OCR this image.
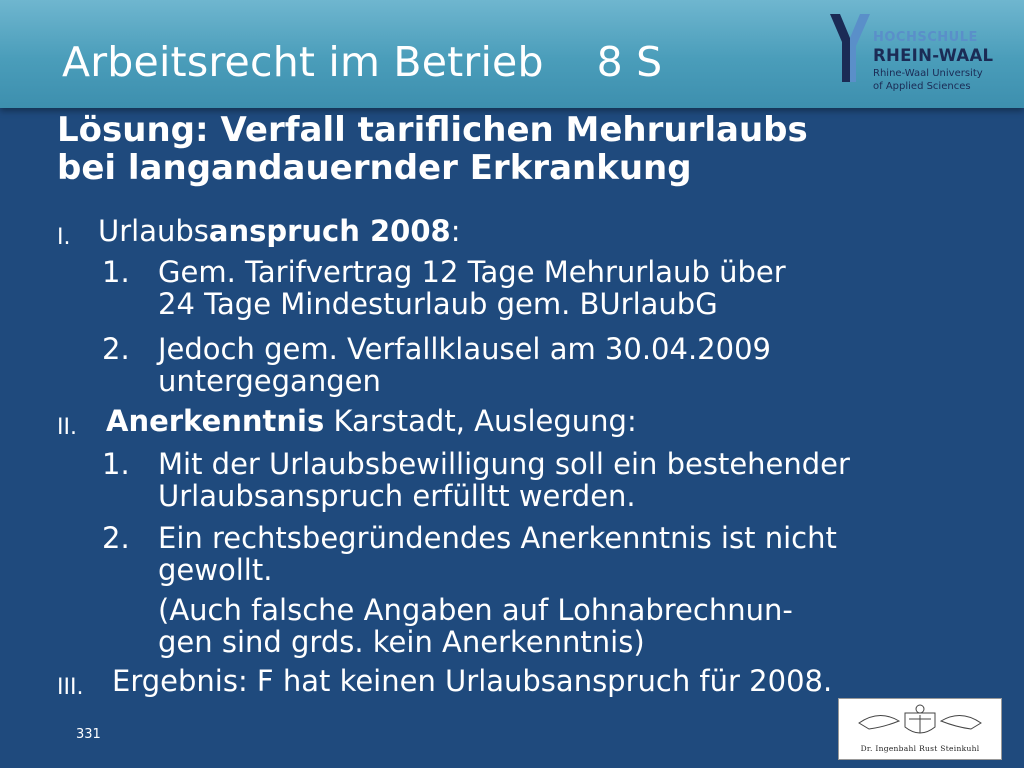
Arbeitsrecht im Betrieb    8 S
HOCHSCHULE
RHEIN-WAAL
Rhine-Waal University
of Applied Sciences
Lösung: Verfall tariflichen Mehrurlaubs
bei langandauernder Erkrankung
I. Urlaubsanspruch 2008:
1. Gem. Tarifvertrag 12 Tage Mehrurlaub über
24 Tage Mindesturlaub gem. BUrlaubG
2. Jedoch gem. Verfallklausel am 30.04.2009
untergegangen
II. Anerkenntnis Karstadt, Auslegung:
1. Mit der Urlaubsbewilligung soll ein bestehender
Urlaubsanspruch erfülltt werden.
2. Ein rechtsbegründendes Anerkenntnis ist nicht
gewollt.
(Auch falsche Angaben auf Lohnabrechnun-
gen sind grds. kein Anerkenntnis)
III. Ergebnis: F hat keinen Urlaubsanspruch für 2008.
331
Dr. Ingenbahl Rust Steinkuhl
